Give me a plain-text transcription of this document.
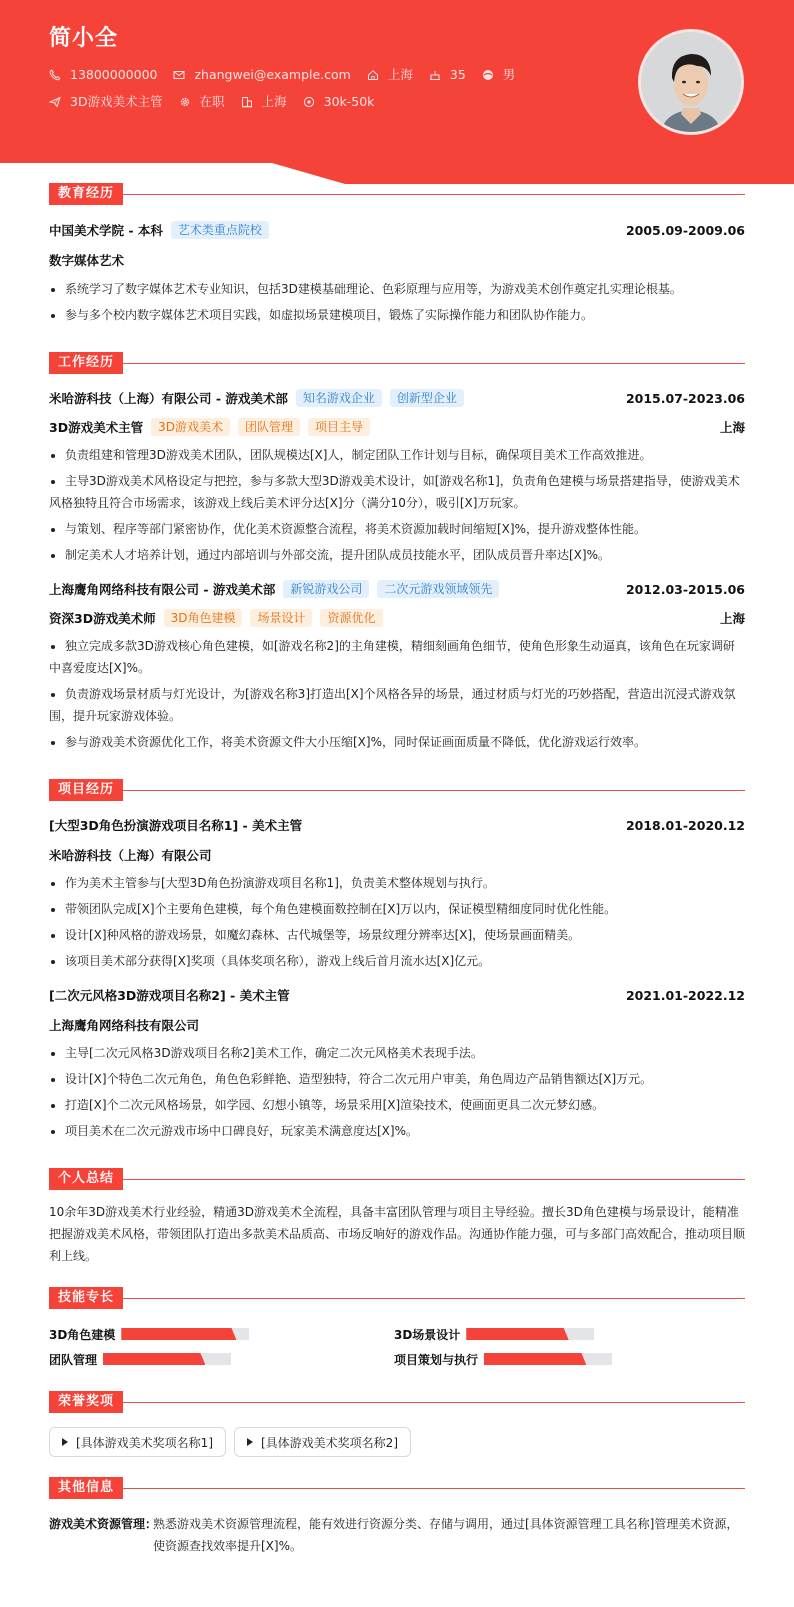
简小全
13800000000	zhangwei@example.com	上海	35	男
3D游戏美术主管	在职	上海	30k-50k
教育经历
中国美术学院 - 本科	艺术类重点院校	2005.09-2009.06
数字媒体艺术
系统学习了数字媒体艺术专业知识，包括3D建模基础理论、色彩原理与应用等，为游戏美术创作奠定扎实理论根基。
参与多个校内数字媒体艺术项目实践，如虚拟场景建模项目，锻炼了实际操作能力和团队协作能力。
工作经历
米哈游科技（上海）有限公司 - 游戏美术部	知名游戏企业	创新型企业	2015.07-2023.06
3D游戏美术主管	3D游戏美术	团队管理	项目主导	上海
负责组建和管理3D游戏美术团队，团队规模达[X]人，制定团队工作计划与目标，确保项目美术工作高效推进。
主导3D游戏美术风格设定与把控，参与多款大型3D游戏美术设计，如[游戏名称1]，负责角色建模与场景搭建指导，使游戏美术风格独特且符合市场需求，该游戏上线后美术评分达[X]分（满分10分），吸引[X]万玩家。
与策划、程序等部门紧密协作，优化美术资源整合流程，将美术资源加载时间缩短[X]%，提升游戏整体性能。
制定美术人才培养计划，通过内部培训与外部交流，提升团队成员技能水平，团队成员晋升率达[X]%。
上海鹰角网络科技有限公司 - 游戏美术部	新锐游戏公司	二次元游戏领域领先	2012.03-2015.06
资深3D游戏美术师	3D角色建模	场景设计	资源优化	上海
独立完成多款3D游戏核心角色建模，如[游戏名称2]的主角建模，精细刻画角色细节，使角色形象生动逼真，该角色在玩家调研中喜爱度达[X]%。
负责游戏场景材质与灯光设计，为[游戏名称3]打造出[X]个风格各异的场景，通过材质与灯光的巧妙搭配，营造出沉浸式游戏氛围，提升玩家游戏体验。
参与游戏美术资源优化工作，将美术资源文件大小压缩[X]%，同时保证画面质量不降低，优化游戏运行效率。
项目经历
[大型3D角色扮演游戏项目名称1] - 美术主管	2018.01-2020.12
米哈游科技（上海）有限公司
作为美术主管参与[大型3D角色扮演游戏项目名称1]，负责美术整体规划与执行。
带领团队完成[X]个主要角色建模，每个角色建模面数控制在[X]万以内，保证模型精细度同时优化性能。
设计[X]种风格的游戏场景，如魔幻森林、古代城堡等，场景纹理分辨率达[X]，使场景画面精美。
该项目美术部分获得[X]奖项（具体奖项名称），游戏上线后首月流水达[X]亿元。
[二次元风格3D游戏项目名称2] - 美术主管	2021.01-2022.12
上海鹰角网络科技有限公司
主导[二次元风格3D游戏项目名称2]美术工作，确定二次元风格美术表现手法。
设计[X]个特色二次元角色，角色色彩鲜艳、造型独特，符合二次元用户审美，角色周边产品销售额达[X]万元。
打造[X]个二次元风格场景，如学园、幻想小镇等，场景采用[X]渲染技术，使画面更具二次元梦幻感。
项目美术在二次元游戏市场中口碑良好，玩家美术满意度达[X]%。
个人总结
10余年3D游戏美术行业经验，精通3D游戏美术全流程，具备丰富团队管理与项目主导经验。擅长3D角色建模与场景设计，能精准把握游戏美术风格，带领团队打造出多款美术品质高、市场反响好的游戏作品。沟通协作能力强，可与多部门高效配合，推动项目顺利上线。
技能专长
3D角色建模	3D场景设计
团队管理	项目策划与执行
荣誉奖项
[具体游戏美术奖项名称1]	[具体游戏美术奖项名称2]
其他信息
游戏美术资源管理：
熟悉游戏美术资源管理流程，能有效进行资源分类、存储与调用，通过[具体资源管理工具名称]管理美术资源，使资源查找效率提升[X]%。
